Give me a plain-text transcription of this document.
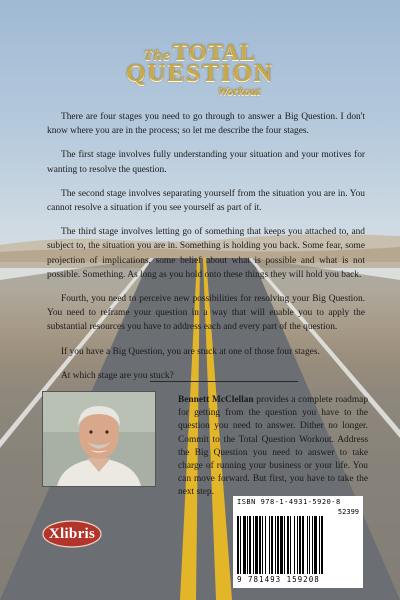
TheTOTAL
QUESTION
Workout

There are four stages you need to go through to answer a Big Question. I don't know where you are in the process; so let me describe the four stages.

The first stage involves fully understanding your situation and your motives for wanting to resolve the question.

The second stage involves separating yourself from the situation you are in. You cannot resolve a situation if you see yourself as part of it.

The third stage involves letting go of something that keeps you attached to, and subject to, the situation you are in. Something is holding you back. Some fear, some projection of implications, some belief about what is possible and what is not possible. Something. As long as you hold onto these things they will hold you back.

Fourth, you need to perceive new possibilities for resolving your Big Question. You need to reframe your question in a way that will enable you to apply the substantial resources you have to address each and every part of the question.

If you have a Big Question, you are stuck at one of those four stages.

At which stage are you stuck?

Bennett McClellan provides a complete roadmap for getting from the question you have to the question you need to answer. Dither no longer. Commit to the Total Question Workout. Address the Big Question you need to answer to take charge of running your business or your life. You can move forward. But first, you have to take the next step.
Xlibris
ISBN 978-1-4931-5920-8
52399
9 781493 159208
